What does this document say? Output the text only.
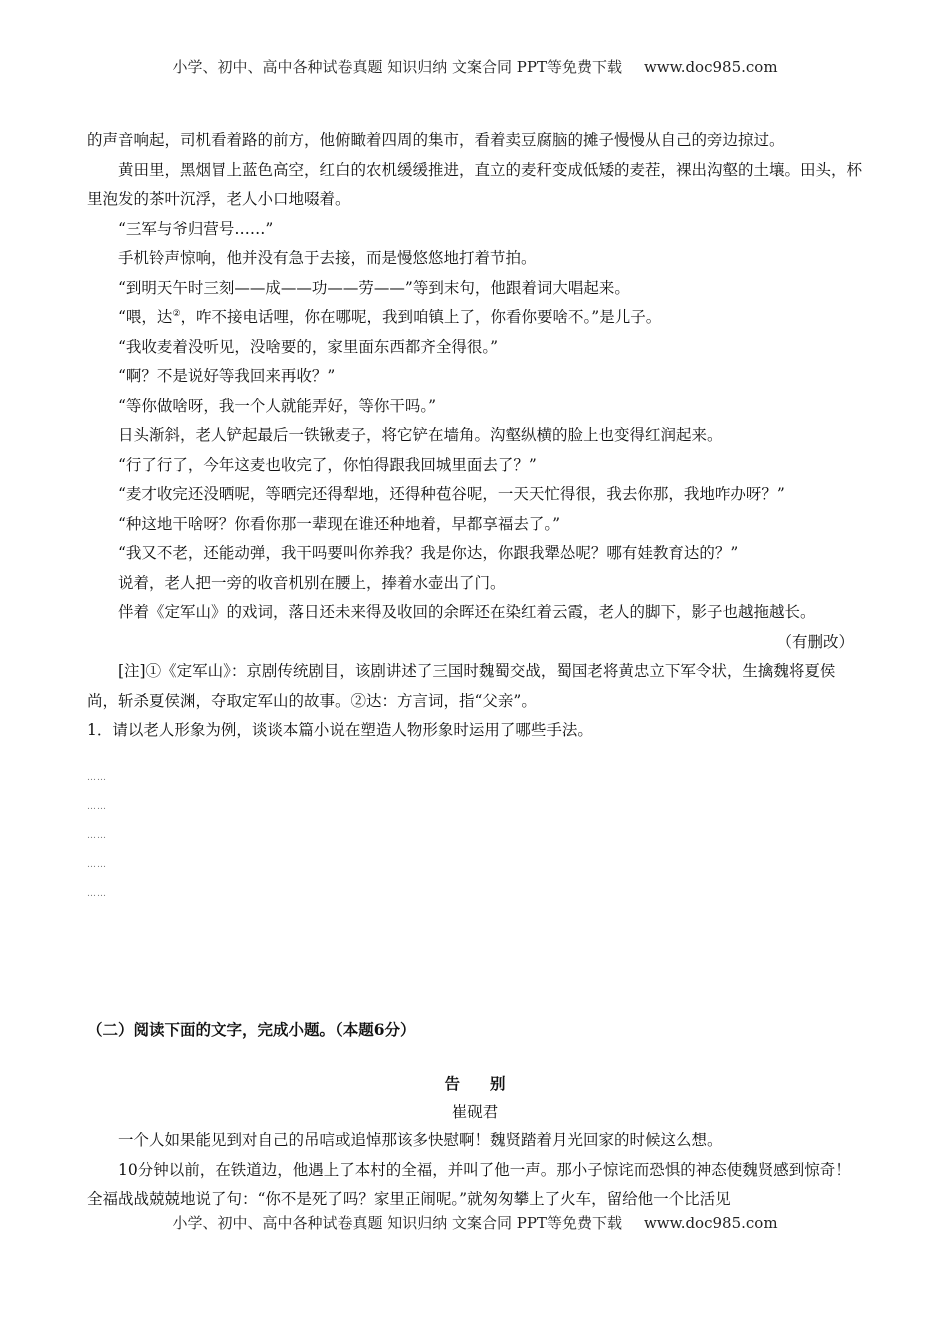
小学、初中、高中各种试卷真题 知识归纳 文案合同 PPT等免费下载 www.doc985.com

的声音响起，司机看着路的前方，他俯瞰着四周的集市，看着卖豆腐脑的摊子慢慢从自己的旁边掠过。

黄田里，黑烟冒上蓝色高空，红白的农机缓缓推进，直立的麦秆变成低矮的麦茬，裸出沟壑的土壤。田头，杯里泡发的茶叶沉浮，老人小口地啜着。

“三军与爷归营号……”

手机铃声惊响，他并没有急于去接，而是慢悠悠地打着节拍。

“到明天午时三刻——成——功——劳——”等到末句，他跟着词大唱起来。

“喂，达②，咋不接电话哩，你在哪呢，我到咱镇上了，你看你要啥不。”是儿子。

“我收麦着没听见，没啥要的，家里面东西都齐全得很。”

“啊？不是说好等我回来再收？”

“等你做啥呀，我一个人就能弄好，等你干吗。”

日头渐斜，老人铲起最后一铁锹麦子，将它铲在墙角。沟壑纵横的脸上也变得红润起来。

“行了行了，今年这麦也收完了，你怕得跟我回城里面去了？”

“麦才收完还没晒呢，等晒完还得犁地，还得种苞谷呢，一天天忙得很，我去你那，我地咋办呀？”

“种这地干啥呀？你看你那一辈现在谁还种地着，早都享福去了。”

“我又不老，还能动弹，我干吗要叫你养我？我是你达，你跟我犟怂呢？哪有娃教育达的？”

说着，老人把一旁的收音机别在腰上，捧着水壶出了门。

伴着《定军山》的戏词，落日还未来得及收回的余晖还在染红着云霞，老人的脚下，影子也越拖越长。

（有删改）

[注]①《定军山》：京剧传统剧目，该剧讲述了三国时魏蜀交战，蜀国老将黄忠立下军令状，生擒魏将夏侯尚，斩杀夏侯渊，夺取定军山的故事。②达：方言词，指“父亲”。

1．请以老人形象为例，谈谈本篇小说在塑造人物形象时运用了哪些手法。

……
……
……
……
……
（二）阅读下面的文字，完成小题。（本题6分）
告别
崔砚君

一个人如果能见到对自己的吊唁或追悼那该多快慰啊！魏贤踏着月光回家的时候这么想。

10分钟以前，在铁道边，他遇上了本村的全福，并叫了他一声。那小子惊诧而恐惧的神态使魏贤感到惊奇！全福战战兢兢地说了句：“你不是死了吗？家里正闹呢。”就匆匆攀上了火车，留给他一个比活见

小学、初中、高中各种试卷真题 知识归纳 文案合同 PPT等免费下载 www.doc985.com
